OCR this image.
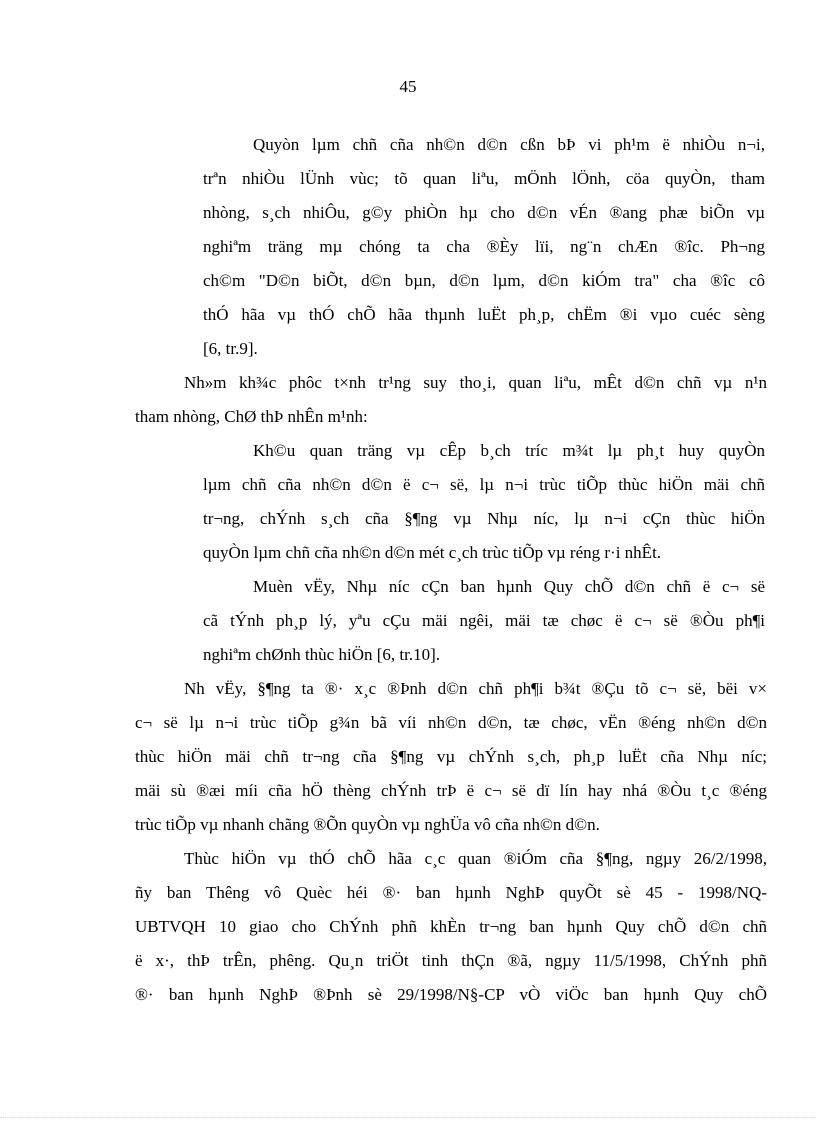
45
Quyòn lµm chñ cña nh©n d©n cßn bÞ vi ph¹m ë nhiÒu n¬i,
trªn nhiÒu lÜnh vùc; tõ quan liªu, mÖnh lÖnh, cöa quyÒn, tham
nhòng, s¸ch nhiÔu, g©y phiÒn hµ cho d©n vÉn ®ang phæ biÕn vµ
nghiªm träng mµ chóng ta cha ®Èy lïi, ng¨n chÆn ®îc. Ph¬ng
ch©m "D©n biÕt, d©n bµn, d©n lµm, d©n kiÓm tra" cha ®îc cô
thÓ hãa vµ thÓ chÕ hãa thµnh luËt ph¸p, chËm ®i vµo cuéc sèng
[6, tr.9].
Nh»m kh¾c phôc t×nh tr¹ng suy tho¸i, quan liªu, mÊt d©n chñ vµ n¹n
tham nhòng, ChØ thÞ nhÊn m¹nh:
Kh©u quan träng vµ cÊp b¸ch tríc m¾t lµ ph¸t huy quyÒn
lµm chñ cña nh©n d©n ë c¬ së, lµ n¬i trùc tiÕp thùc hiÖn mäi chñ
tr¬ng, chÝnh s¸ch cña §¶ng vµ Nhµ níc, lµ n¬i cÇn thùc hiÖn
quyÒn lµm chñ cña nh©n d©n mét c¸ch trùc tiÕp vµ réng r·i nhÊt.
Muèn vËy, Nhµ níc cÇn ban hµnh Quy chÕ d©n chñ ë c¬ së
cã tÝnh ph¸p lý, yªu cÇu mäi ngêi, mäi tæ chøc ë c¬ së ®Òu ph¶i
nghiªm chØnh thùc hiÖn [6, tr.10].
Nh vËy, §¶ng ta ®· x¸c ®Þnh d©n chñ ph¶i b¾t ®Çu tõ c¬ së, bëi v×
c¬ së lµ n¬i trùc tiÕp g¾n bã víi nh©n d©n, tæ chøc, vËn ®éng nh©n d©n
thùc hiÖn mäi chñ tr¬ng cña §¶ng vµ chÝnh s¸ch, ph¸p luËt cña Nhµ níc;
mäi sù ®æi míi cña hÖ thèng chÝnh trÞ ë c¬ së dï lín hay nhá ®Òu t¸c ®éng
trùc tiÕp vµ nhanh chãng ®Õn quyÒn vµ nghÜa vô cña nh©n d©n.
Thùc hiÖn vµ thÓ chÕ hãa c¸c quan ®iÓm cña §¶ng, ngµy 26/2/1998,
ñy ban Thêng vô Quèc héi ®· ban hµnh NghÞ quyÕt sè 45 - 1998/NQ-
UBTVQH 10 giao cho ChÝnh phñ khÈn tr¬ng ban hµnh Quy chÕ d©n chñ
ë x·, thÞ trÊn, phêng. Qu¸n triÖt tinh thÇn ®ã, ngµy 11/5/1998, ChÝnh phñ
®· ban hµnh NghÞ ®Þnh sè 29/1998/N§-CP vÒ viÖc ban hµnh Quy chÕ
